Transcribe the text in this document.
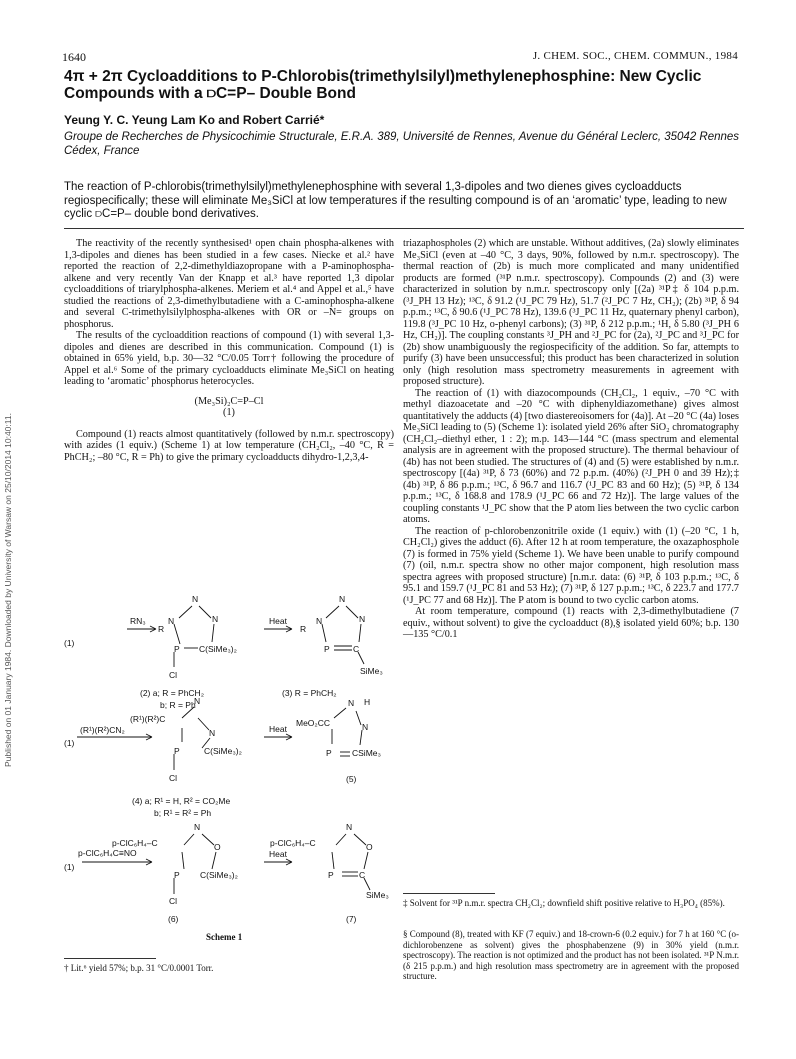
Published on 01 January 1984. Downloaded by University of Warsaw on 25/10/2014 10:40:11.
1640	J. CHEM. SOC., CHEM. COMMUN., 1984
4π + 2π Cycloadditions to P-Chlorobis(trimethylsilyl)methylenephosphine: New Cyclic Compounds with a ⫐C=P– Double Bond
Yeung Y. C. Yeung Lam Ko and Robert Carrié*
Groupe de Recherches de Physicochimie Structurale, E.R.A. 389, Université de Rennes, Avenue du Général Leclerc, 35042 Rennes Cédex, France
The reaction of P-chlorobis(trimethylsilyl)methylenephosphine with several 1,3-dipoles and two dienes gives cycloadducts regiospecifically; these will eliminate Me₃SiCl at low temperatures if the resulting compound is of an ‘aromatic’ type, leading to new cyclic ⫐C=P– double bond derivatives.

The reactivity of the recently synthesised¹ open chain phospha-alkenes with 1,3-dipoles and dienes has been studied in a few cases. Niecke et al.² have reported the reaction of 2,2-dimethyldiazopropane with a P-aminophospha-alkene and very recently Van der Knapp et al.³ have reported 1,3 dipolar cycloadditions of triarylphospha-alkenes. Meriem et al.⁴ and Appel et al.,⁵ have studied the reactions of 2,3-dimethylbutadiene with a C-aminophospha-alkene and several C-trimethylsilylphospha-alkenes with OR or –N= groups on phosphorus.

The results of the cycloaddition reactions of compound (1) with several 1,3-dipoles and dienes are described in this communication. Compound (1) is obtained in 65% yield, b.p. 30—32 °C/0.05 Torr† following the procedure of Appel et al.⁶ Some of the primary cycloadducts eliminate Me₃SiCl on heating leading to ‘aromatic’ phosphorus heterocycles.

(Me₃Si)₂C=P–Cl
(1)

Compound (1) reacts almost quantitatively (followed by n.m.r. spectroscopy) with azides (1 equiv.) (Scheme 1) at low temperature (CH₂Cl₂, –40 °C, R = PhCH₂; –80 °C, R = Ph) to give the primary cycloadducts dihydro-1,2,3,4-

N
R
N	N
P C(SiMe₃)₂
Cl
(1)
RN₃	Heat
N
R
N	N
P	C
SiMe₃
(2) a; R = PhCH₂
b; R = Ph
(3) R = PhCH₂
N
(R¹)(R²)C
N
P	C(SiMe₃)₂
Cl
(1)
(R¹)(R²)CN₂	Heat
MeO₂CC
N H
N
P CSiMe₃
(5)
(4) a; R¹ = H, R² = CO₂Me
b; R¹ = R² = Ph
N
p-ClC₆H₄–C	O
P C(SiMe₃)₂
Cl
(1)
p-ClC₆H₄C≡NO	Heat
N
p-ClC₆H₄–C	O
P	C
SiMe₃
(6)	(7)
Scheme 1
† Lit.⁶ yield 57%; b.p. 31 °C/0.0001 Torr.

triazaphospholes (2) which are unstable. Without additives, (2a) slowly eliminates Me₃SiCl (even at –40 °C, 3 days, 90%, followed by n.m.r. spectroscopy). The thermal reaction of (2b) is much more complicated and many unidentified products are formed (³¹P n.m.r. spectroscopy). Compounds (2) and (3) were characterized in solution by n.m.r. spectroscopy only [(2a) ³¹P‡ δ 104 p.p.m. (³J_PH 13 Hz); ¹³C, δ 91.2 (¹J_PC 79 Hz), 51.7 (²J_PC 7 Hz, CH₂); (2b) ³¹P, δ 94 p.p.m.; ¹³C, δ 90.6 (¹J_PC 78 Hz), 139.6 (³J_PC 11 Hz, quaternary phenyl carbon), 119.8 (³J_PC 10 Hz, o-phenyl carbons); (3) ³¹P, δ 212 p.p.m.; ¹H, δ 5.80 (³J_PH 6 Hz, CH₂)]. The coupling constants ³J_PH and ²J_PC for (2a), ²J_PC and ³J_PC for (2b) show unambiguously the regiospecificity of the addition. So far, attempts to purify (3) have been unsuccessful; this product has been characterized in solution only (high resolution mass spectrometry measurements in agreement with proposed structure).

The reaction of (1) with diazocompounds (CH₂Cl₂, 1 equiv., –70 °C with methyl diazoacetate and –20 °C with diphenyldiazomethane) gives almost quantitatively the adducts (4) [two diastereoisomers for (4a)]. At –20 °C (4a) loses Me₃SiCl leading to (5) (Scheme 1): isolated yield 26% after SiO₂ chromatography (CH₂Cl₂–diethyl ether, 1 : 2); m.p. 143—144 °C (mass spectrum and elemental analysis are in agreement with the proposed structure). The thermal behaviour of (4b) has not been studied. The structures of (4) and (5) were established by n.m.r. spectroscopy [(4a) ³¹P, δ 73 (60%) and 72 p.p.m. (40%) (²J_PH 0 and 39 Hz);‡ (4b) ³¹P, δ 86 p.p.m.; ¹³C, δ 96.7 and 116.7 (¹J_PC 83 and 60 Hz); (5) ³¹P, δ 134 p.p.m.; ¹³C, δ 168.8 and 178.9 (¹J_PC 66 and 72 Hz)]. The large values of the coupling constants ¹J_PC show that the P atom lies between the two cyclic carbon atoms.

The reaction of p-chlorobenzonitrile oxide (1 equiv.) with (1) (–20 °C, 1 h, CH₂Cl₂) gives the adduct (6). After 12 h at room temperature, the oxazaphosphole (7) is formed in 75% yield (Scheme 1). We have been unable to purify compound (7) (oil, n.m.r. spectra show no other major component, high resolution mass spectra agrees with proposed structure) [n.m.r. data: (6) ³¹P, δ 103 p.p.m.; ¹³C, δ 95.1 and 159.7 (¹J_PC 81 and 53 Hz); (7) ³¹P, δ 127 p.p.m.; ¹³C, δ 223.7 and 177.7 (¹J_PC 77 and 68 Hz)]. The P atom is bound to two cyclic carbon atoms.

At room temperature, compound (1) reacts with 2,3-dimethylbutadiene (7 equiv., without solvent) to give the cycloadduct (8),§ isolated yield 60%; b.p. 130—135 °C/0.1

‡ Solvent for ³¹P n.m.r. spectra CH₂Cl₂; downfield shift positive relative to H₃PO₄ (85%).
§ Compound (8), treated with KF (7 equiv.) and 18-crown-6 (0.2 equiv.) for 7 h at 160 °C (o-dichlorobenzene as solvent) gives the phosphabenzene (9) in 30% yield (n.m.r. spectroscopy). The reaction is not optimized and the product has not been isolated. ³¹P N.m.r. (δ 215 p.p.m.) and high resolution mass spectrometry are in agreement with the proposed structure.
